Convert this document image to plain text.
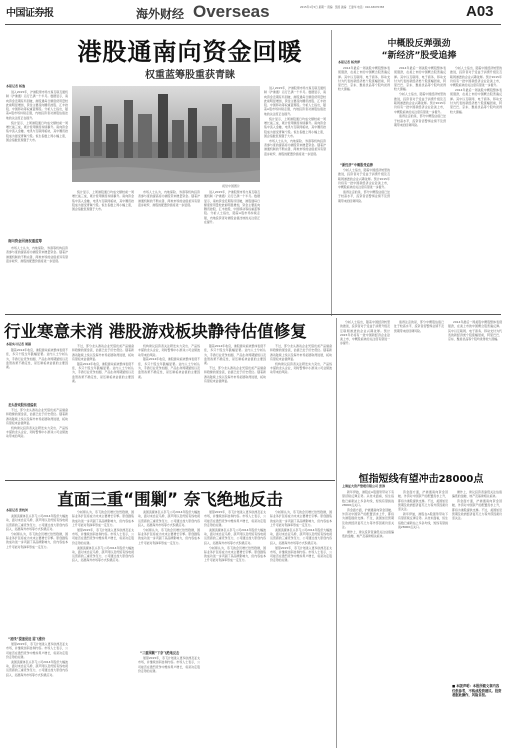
中国证券报	海外财经 Overseas	2015年1月5日 星期一 责编：吴国 美编：王建华 电话：010-63070383	A03
港股通南向资金回暖
权重蓝筹股重获青睐
本报记者 杨逸

进入2015年，沪港股票市场交易互联互通机制（沪港通）运行已满一个半月。数据显示，南向资金近期有所回暖，港股通每日额度使用量较此前明显增加，资金主要流向腾讯控股、汇丰控股、中国移动等权重蓝筹股。分析人士指出，随着A股市场持续走强，内地投资者对港股估值洼地的关注度正在提升。

统计显示，上周港股通日均成交额较前一周增长逾三成，累计使用额度持续攀升。南向资金集中流入金融、电讯与互联网板块，其中腾讯控股成为最受青睐个股。恒生指数上周小幅上涨，国企指数表现强于大市。

市场人士认为，内地保险、券商等机构投资者参与度的提高将为港股带来增量资金。随着沪港通机制的不断完善，两地市场的估值差异有望逐步收窄，港股的配置价值将进一步显现。

南向资金回流权重蓝筹
视觉中国图片

统计显示，上周港股通日均成交额较前一周增长逾三成，累计使用额度持续攀升。南向资金集中流入金融、电讯与互联网板块，其中腾讯控股成为最受青睐个股。恒生指数上周小幅上涨，国企指数表现强于大市。

市场人士认为，内地保险、券商等机构投资者参与度的提高将为港股带来增量资金。随着沪港通机制的不断完善，两地市场的估值差异有望逐步收窄，港股的配置价值将进一步显现。

进入2015年，沪港股票市场交易互联互通机制（沪港通）运行已满一个半月。数据显示，南向资金近期有所回暖，港股通每日额度使用量较此前明显增加，资金主要流向腾讯控股、汇丰控股、中国移动等权重蓝筹股。分析人士指出，随着A股市场持续走强，内地投资者对港股估值洼地的关注度正在提升。

进入2015年，沪港股票市场交易互联互通机制（沪港通）运行已满一个半月。数据显示，南向资金近期有所回暖，港股通每日额度使用量较此前明显增加，资金主要流向腾讯控股、汇丰控股、中国移动等权重蓝筹股。分析人士指出，随着A股市场持续走强，内地投资者对港股估值洼地的关注度正在提升。

统计显示，上周港股通日均成交额较前一周增长逾三成，累计使用额度持续攀升。南向资金集中流入金融、电讯与互联网板块，其中腾讯控股成为最受青睐个股。恒生指数上周小幅上涨，国企指数表现强于大市。

市场人士认为，内地保险、券商等机构投资者参与度的提高将为港股带来增量资金。随着沪港通机制的不断完善，两地市场的估值差异有望逐步收窄，港股的配置价值将进一步显现。

中概股反弹强劲
“新经济”股受追捧
本报记者 杨秀萍

2014年最后一周美股中概股整体表现强劲，在美上市的中国概念股普遍反弹。其中以互联网、电子商务、移动支付为代表的新经济类个股涨幅居前，阿里巴巴、京东、聚美优品等个股均录得较大涨幅。

“新经济”中概股受追捧

分析人士指出，随着中国经济转型的推进，投资者对于受益于消费升级及互联网渗透的企业兴趣浓厚。预计2015年仍将有一批中国新经济企业赴美上市，中概股板块的关注度有望进一步提升。

值得注意的是，部分中概股估值已处于较高水平，投资者需警惕业绩不及预期带来的回调风险。

2014年最后一周美股中概股整体表现强劲，在美上市的中国概念股普遍反弹。其中以互联网、电子商务、移动支付为代表的新经济类个股涨幅居前，阿里巴巴、京东、聚美优品等个股均录得较大涨幅。

分析人士指出，随着中国经济转型的推进，投资者对于受益于消费升级及互联网渗透的企业兴趣浓厚。预计2015年仍将有一批中国新经济企业赴美上市，中概股板块的关注度有望进一步提升。

值得注意的是，部分中概股估值已处于较高水平，投资者需警惕业绩不及预期带来的回调风险。

分析人士指出，随着中国经济转型的推进，投资者对于受益于消费升级及互联网渗透的企业兴趣浓厚。预计2015年仍将有一批中国新经济企业赴美上市，中概股板块的关注度有望进一步提升。

2014年最后一周美股中概股整体表现强劲，在美上市的中国概念股普遍反弹。其中以互联网、电子商务、移动支付为代表的新经济类个股涨幅居前，阿里巴巴、京东、聚美优品等个股均录得较大涨幅。

行业寒意未消 港股游戏板块静待估值修复
本报实习记者 周揚

随着2014年收官，港股游戏板块整体表现不佳，多只个股全年跌幅显著。业内人士分析认为，手游行业竞争加剧、产品生命周期缩短以及监管政策不确定性，是压制板块估值的主要因素。

龙头游戏股估值偏低

不过，部分龙头游戏企业凭借优质产品储备和稳健的现金流，估值已处于历史低位。随着新游戏陆续上线以及海外市场拓展取得进展，板块有望迎来估值修复。

机构建议投资者关注研发实力突出、产品线丰富的龙头企业，同时警惕中小游戏公司业绩波动带来的风险。

不过，部分龙头游戏企业凭借优质产品储备和稳健的现金流，估值已处于历史低位。随着新游戏陆续上线以及海外市场拓展取得进展，板块有望迎来估值修复。

随着2014年收官，港股游戏板块整体表现不佳，多只个股全年跌幅显著。业内人士分析认为，手游行业竞争加剧、产品生命周期缩短以及监管政策不确定性，是压制板块估值的主要因素。

机构建议投资者关注研发实力突出、产品线丰富的龙头企业，同时警惕中小游戏公司业绩波动带来的风险。

随着2014年收官，港股游戏板块整体表现不佳，多只个股全年跌幅显著。业内人士分析认为，手游行业竞争加剧、产品生命周期缩短以及监管政策不确定性，是压制板块估值的主要因素。

随着2014年收官，港股游戏板块整体表现不佳，多只个股全年跌幅显著。业内人士分析认为，手游行业竞争加剧、产品生命周期缩短以及监管政策不确定性，是压制板块估值的主要因素。

不过，部分龙头游戏企业凭借优质产品储备和稳健的现金流，估值已处于历史低位。随着新游戏陆续上线以及海外市场拓展取得进展，板块有望迎来估值修复。

不过，部分龙头游戏企业凭借优质产品储备和稳健的现金流，估值已处于历史低位。随着新游戏陆续上线以及海外市场拓展取得进展，板块有望迎来估值修复。

机构建议投资者关注研发实力突出、产品线丰富的龙头企业，同时警惕中小游戏公司业绩波动带来的风险。

分析人士指出，随着中国经济转型的推进，投资者对于受益于消费升级及互联网渗透的企业兴趣浓厚。预计2015年仍将有一批中国新经济企业赴美上市，中概股板块的关注度有望进一步提升。

值得注意的是，部分中概股估值已处于较高水平，投资者需警惕业绩不及预期带来的回调风险。

2014年最后一周美股中概股整体表现强劲，在美上市的中国概念股普遍反弹。其中以互联网、电子商务、移动支付为代表的新经济类个股涨幅居前，阿里巴巴、京东、聚美优品等个股均录得较大涨幅。

恒指短线有望冲击28000点
上海证大资产管理有限公司 张涛

新年伊始，港股在A股强势带动下有望延续反弹走势。从技术面看，恒生指数已重新站上多条均线，短线有望挑战28000点关口。

资金面方面，沪港通南向资金回暖、外资对中国资产的配置需求上升，都将为港股提供支撑。不过，美国加息预期及欧洲经济复苏乏力等外部因素仍需关注。

操作上，建议投资者逢低关注估值偏低的金融、地产及基建相关板块。

资金面方面，沪港通南向资金回暖、外资对中国资产的配置需求上升，都将为港股提供支撑。不过，美国加息预期及欧洲经济复苏乏力等外部因素仍需关注。

新年伊始，港股在A股强势带动下有望延续反弹走势。从技术面看，恒生指数已重新站上多条均线，短线有望挑战28000点关口。

操作上，建议投资者逢低关注估值偏低的金融、地产及基建相关板块。

资金面方面，沪港通南向资金回暖、外资对中国资产的配置需求上升，都将为港股提供支撑。不过，美国加息预期及欧洲经济复苏乏力等外部因素仍需关注。

■ 本版声明：本报所载文章内容仅供参考，不构成投资建议。投资者据此操作，风险自担。
直面三重“围剿” 奈飞绝地反击
本报记者 张枕河

美国流媒体巨头奈飞公司2014年股价大幅波动，面对来自亚马逊、葫芦网以及传统有线电视运营商的三重竞争压力，公司通过加大原创内容投入、拓展海外市场等方式积极应对。

分析师认为，奈飞的会员增长依然稳健，国际业务扩张将成为未来主要增长引擎。原创剧集的成功进一步巩固了其品牌影响力，但内容成本上升可能对利润率形成一定压力。

“凌线”提速促进 需飞涨价

展望2015年，奈飞计划进入更多欧洲及亚太市场，并继续加码自制内容。市场人士表示，公司能否在激烈竞争中维持用户增长，将是决定股价走势的关键。

美国流媒体巨头奈飞公司2014年股价大幅波动，面对来自亚马逊、葫芦网以及传统有线电视运营商的三重竞争压力，公司通过加大原创内容投入、拓展海外市场等方式积极应对。

分析师认为，奈飞的会员增长依然稳健，国际业务扩张将成为未来主要增长引擎。原创剧集的成功进一步巩固了其品牌影响力，但内容成本上升可能对利润率形成一定压力。

展望2015年，奈飞计划进入更多欧洲及亚太市场，并继续加码自制内容。市场人士表示，公司能否在激烈竞争中维持用户增长，将是决定股价走势的关键。

美国流媒体巨头奈飞公司2014年股价大幅波动，面对来自亚马逊、葫芦网以及传统有线电视运营商的三重竞争压力，公司通过加大原创内容投入、拓展海外市场等方式积极应对。

“三重围剿”下奈飞绝地反击

美国流媒体巨头奈飞公司2014年股价大幅波动，面对来自亚马逊、葫芦网以及传统有线电视运营商的三重竞争压力，公司通过加大原创内容投入、拓展海外市场等方式积极应对。

分析师认为，奈飞的会员增长依然稳健，国际业务扩张将成为未来主要增长引擎。原创剧集的成功进一步巩固了其品牌影响力，但内容成本上升可能对利润率形成一定压力。

展望2015年，奈飞计划进入更多欧洲及亚太市场，并继续加码自制内容。市场人士表示，公司能否在激烈竞争中维持用户增长，将是决定股价走势的关键。

展望2015年，奈飞计划进入更多欧洲及亚太市场，并继续加码自制内容。市场人士表示，公司能否在激烈竞争中维持用户增长，将是决定股价走势的关键。

美国流媒体巨头奈飞公司2014年股价大幅波动，面对来自亚马逊、葫芦网以及传统有线电视运营商的三重竞争压力，公司通过加大原创内容投入、拓展海外市场等方式积极应对。

分析师认为，奈飞的会员增长依然稳健，国际业务扩张将成为未来主要增长引擎。原创剧集的成功进一步巩固了其品牌影响力，但内容成本上升可能对利润率形成一定压力。

分析师认为，奈飞的会员增长依然稳健，国际业务扩张将成为未来主要增长引擎。原创剧集的成功进一步巩固了其品牌影响力，但内容成本上升可能对利润率形成一定压力。

美国流媒体巨头奈飞公司2014年股价大幅波动，面对来自亚马逊、葫芦网以及传统有线电视运营商的三重竞争压力，公司通过加大原创内容投入、拓展海外市场等方式积极应对。

展望2015年，奈飞计划进入更多欧洲及亚太市场，并继续加码自制内容。市场人士表示，公司能否在激烈竞争中维持用户增长，将是决定股价走势的关键。
